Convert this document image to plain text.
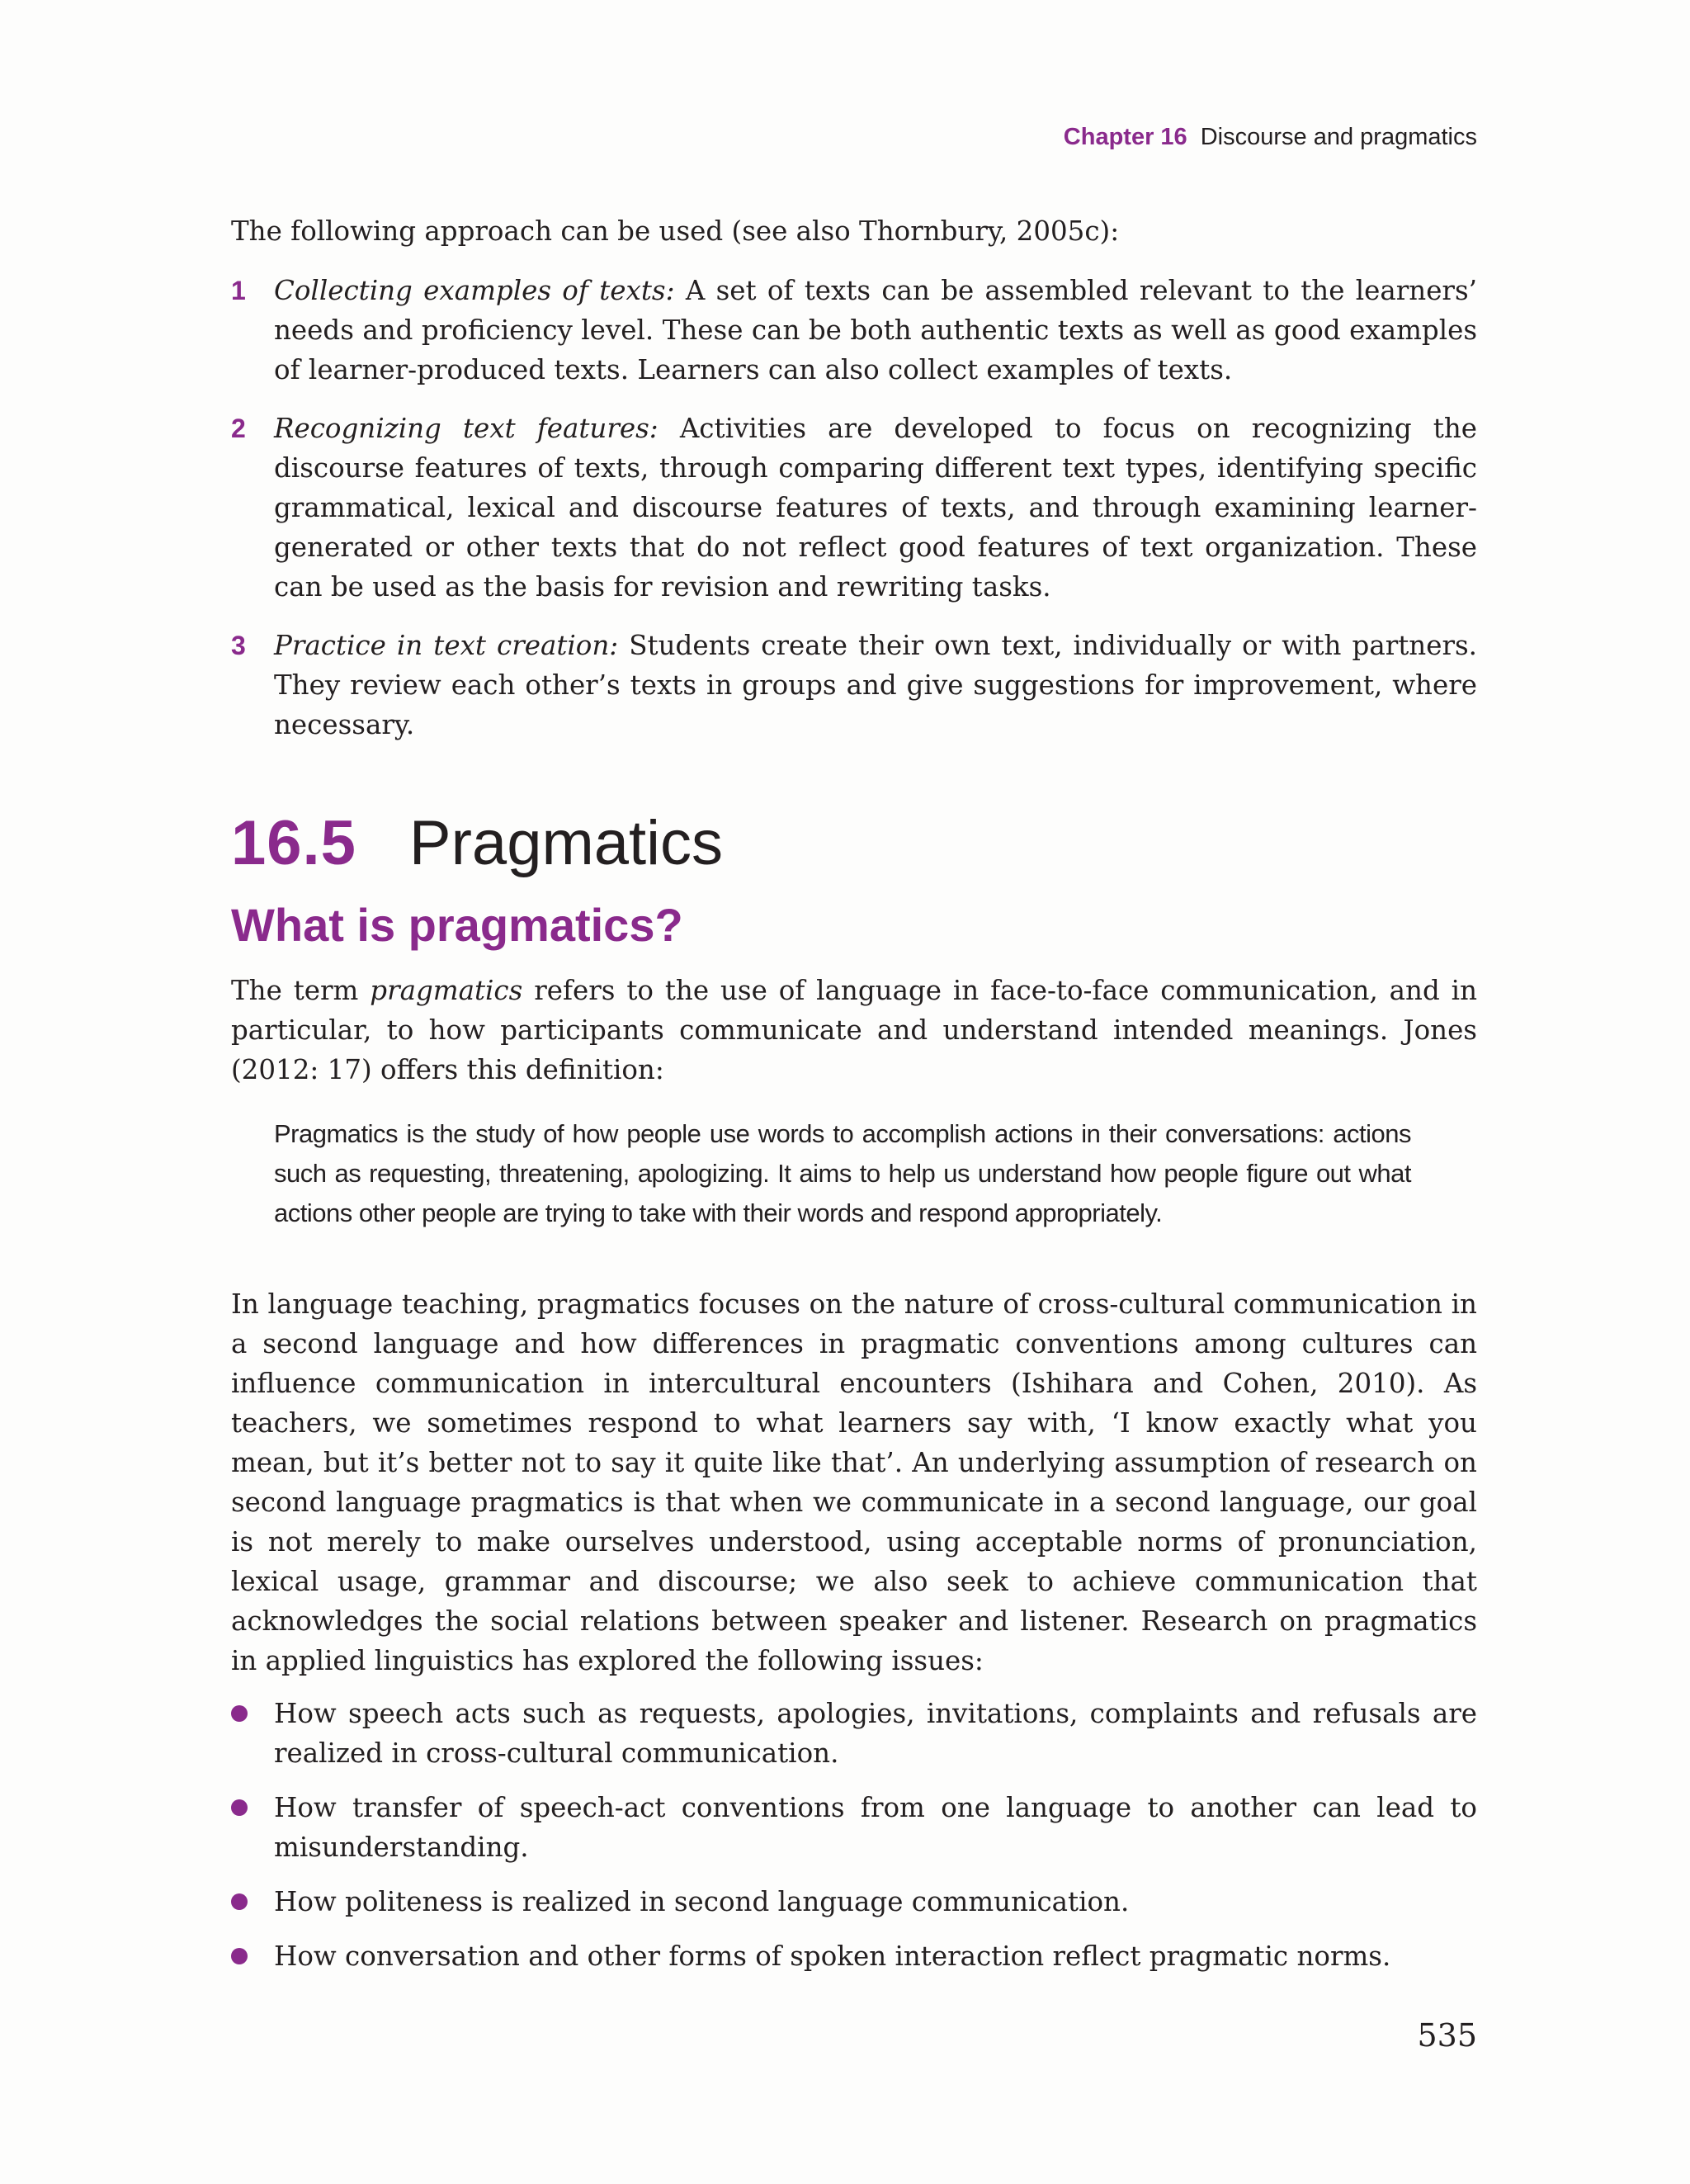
Chapter 16 Discourse and pragmatics

The following approach can be used (see also Thornbury, 2005c):

1 Collecting examples of texts: A set of texts can be assembled relevant to the learners’ needs and proficiency level. These can be both authentic texts as well as good examples of learner-produced texts. Learners can also collect examples of texts.
2 Recognizing text features: Activities are developed to focus on recognizing the discourse features of texts, through comparing different text types, identifying specific grammatical, lexical and discourse features of texts, and through examining learner-generated or other texts that do not reflect good features of text organization. These can be used as the basis for revision and rewriting tasks.
3 Practice in text creation: Students create their own text, individually or with partners. They review each other’s texts in groups and give suggestions for improvement, where necessary.
16.5 Pragmatics
What is pragmatics?

The term pragmatics refers to the use of language in face-to-face communication, and in particular, to how participants communicate and understand intended meanings. Jones (2012: 17) offers this definition:

Pragmatics is the study of how people use words to accomplish actions in their conversations: actions such as requesting, threatening, apologizing. It aims to help us understand how people figure out what actions other people are trying to take with their words and respond appropriately.

In language teaching, pragmatics focuses on the nature of cross-cultural communication in a second language and how differences in pragmatic conventions among cultures can influence communication in intercultural encounters (Ishihara and Cohen, 2010). As teachers, we sometimes respond to what learners say with, ‘I know exactly what you mean, but it’s better not to say it quite like that’. An underlying assumption of research on second language pragmatics is that when we communicate in a second language, our goal is not merely to make ourselves understood, using acceptable norms of pronunciation, lexical usage, grammar and discourse; we also seek to achieve communication that acknowledges the social relations between speaker and listener. Research on pragmatics in applied linguistics has explored the following issues:

How speech acts such as requests, apologies, invitations, complaints and refusals are realized in cross-cultural communication.
How transfer of speech-act conventions from one language to another can lead to misunderstanding.
How politeness is realized in second language communication.
How conversation and other forms of spoken interaction reflect pragmatic norms.
535
